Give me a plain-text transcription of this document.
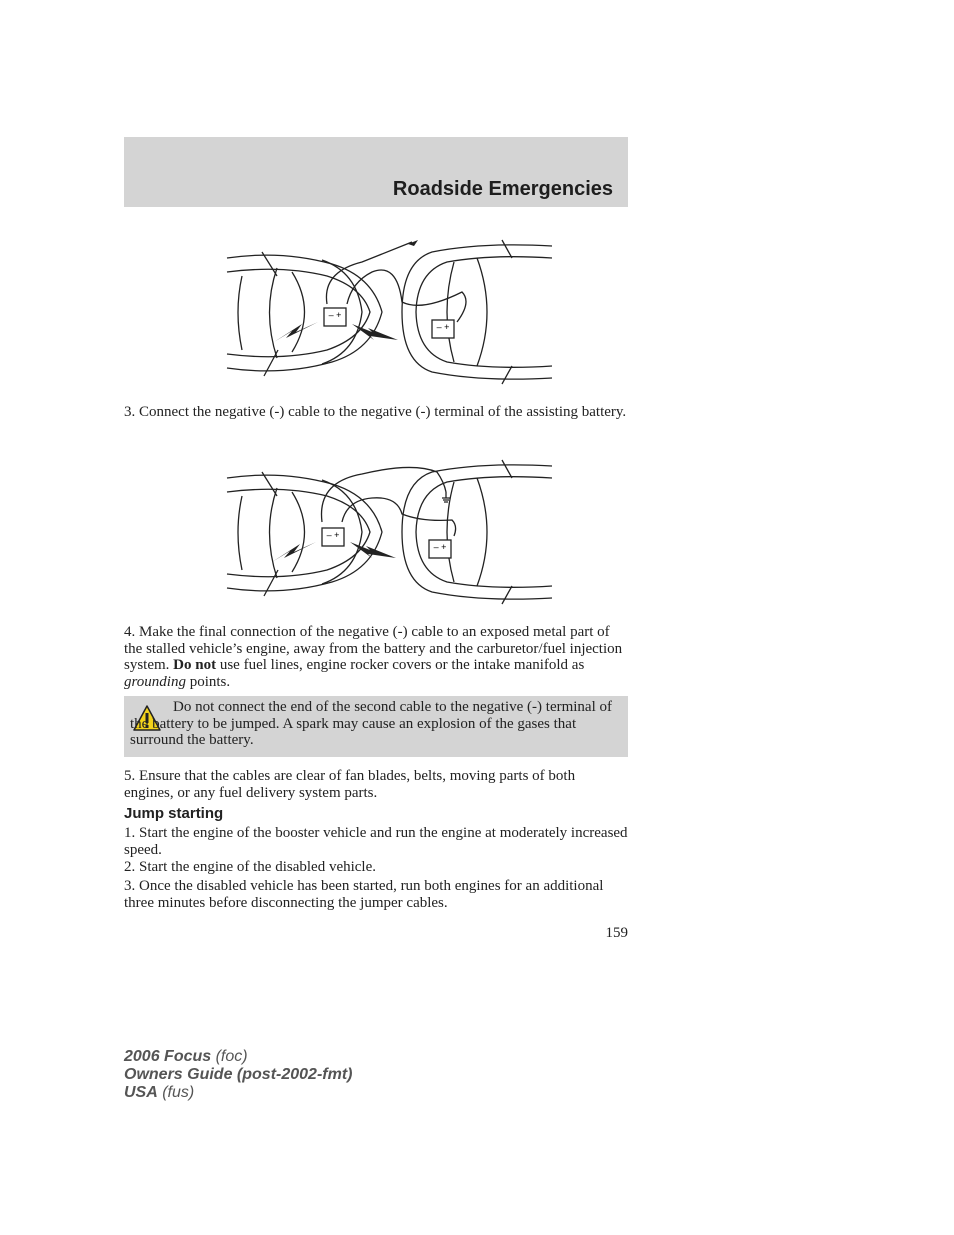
Roadside Emergencies
– +
– +
3. Connect the negative (-) cable to the negative (-) terminal of the assisting battery.
– +
– +
4. Make the final connection of the negative (-) cable to an exposed metal part of the stalled vehicle’s engine, away from the battery and the carburetor/fuel injection system. Do not use fuel lines, engine rocker covers or the intake manifold as grounding points.
Do not connect the end of the second cable to the negative (-) terminal of the battery to be jumped. A spark may cause an explosion of the gases that surround the battery.
5. Ensure that the cables are clear of fan blades, belts, moving parts of both engines, or any fuel delivery system parts.
Jump starting
1. Start the engine of the booster vehicle and run the engine at moderately increased speed.
2. Start the engine of the disabled vehicle.
3. Once the disabled vehicle has been started, run both engines for an additional three minutes before disconnecting the jumper cables.
159
2006 Focus (foc)
Owners Guide (post-2002-fmt)
USA (fus)
